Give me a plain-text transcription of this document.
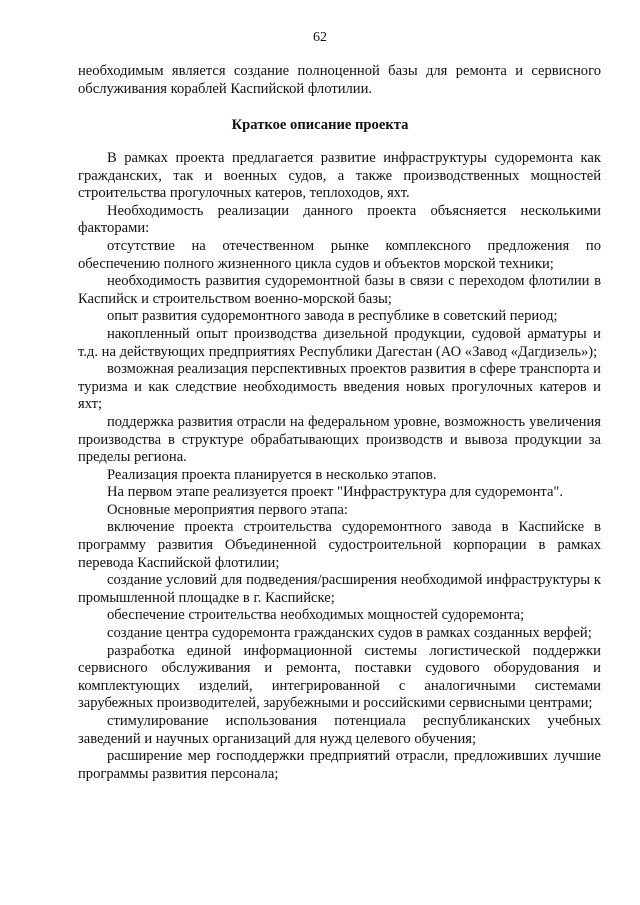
62
необходимым является создание полноценной базы для ремонта и сервисного обслуживания кораблей Каспийской флотилии.
Краткое описание проекта

В рамках проекта предлагается развитие инфраструктуры судоремонта как гражданских, так и военных судов, а также производственных мощностей строительства прогулочных катеров, теплоходов, яхт.

Необходимость реализации данного проекта объясняется несколькими факторами:

отсутствие на отечественном рынке комплексного предложения по обеспечению полного жизненного цикла судов и объектов морской техники;

необходимость развития судоремонтной базы в связи с переходом флотилии в Каспийск и строительством военно-морской базы;

опыт развития судоремонтного завода в республике в советский период;

накопленный опыт производства дизельной продукции, судовой арматуры и т.д. на действующих предприятиях Республики Дагестан (АО «Завод «Дагдизель»);

возможная реализация перспективных проектов развития в сфере транспорта и туризма и как следствие необходимость введения новых прогулочных катеров и яхт;

поддержка развития отрасли на федеральном уровне, возможность увеличения производства в структуре обрабатывающих производств и вывоза продукции за пределы региона.

Реализация проекта планируется в несколько этапов.

На первом этапе реализуется проект "Инфраструктура для судоремонта".

Основные мероприятия первого этапа:

включение проекта строительства судоремонтного завода в Каспийске в программу развития Объединенной судостроительной корпорации в рамках перевода Каспийской флотилии;

создание условий для подведения/расширения необходимой инфраструктуры к промышленной площадке в г. Каспийске;

обеспечение строительства необходимых мощностей судоремонта;

создание центра судоремонта гражданских судов в рамках созданных верфей;

разработка единой информационной системы логистической поддержки сервисного обслуживания и ремонта, поставки судового оборудования и комплектующих изделий, интегрированной с аналогичными системами зарубежных производителей, зарубежными и российскими сервисными центрами;

стимулирование использования потенциала республиканских учебных заведений и научных организаций для нужд целевого обучения;

расширение мер господдержки предприятий отрасли, предложивших лучшие программы развития персонала;
